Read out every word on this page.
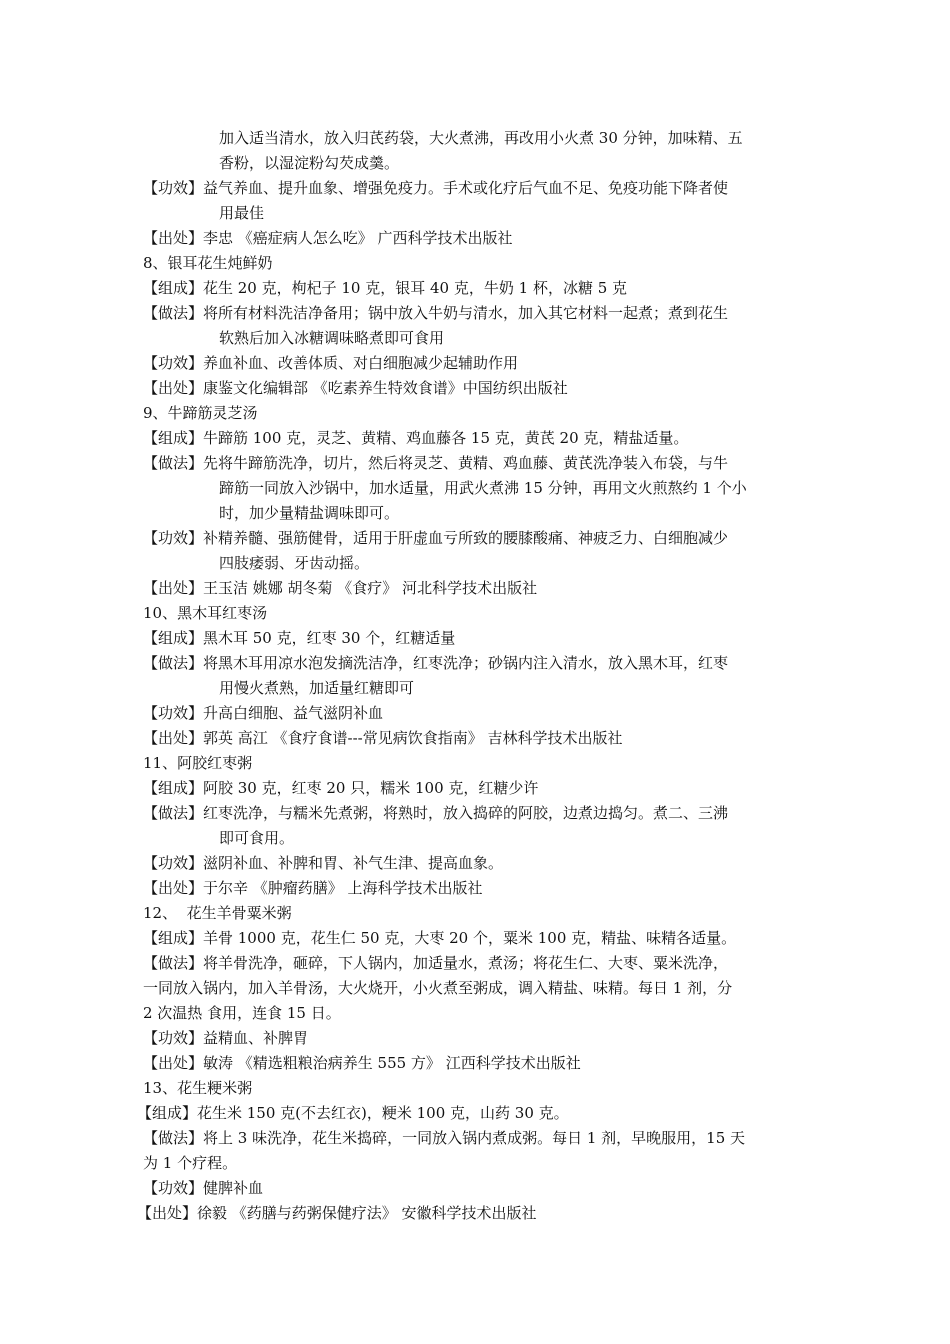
加入适当清水，放入归芪药袋，大火煮沸，再改用小火煮 30 分钟，加味精、五
香粉，以湿淀粉勾芡成羹。
【功效】益气养血、提升血象、增强免疫力。手术或化疗后气血不足、免疫功能下降者使
用最佳
【出处】李忠 《癌症病人怎么吃》 广西科学技术出版社
8、银耳花生炖鲜奶
【组成】花生 20 克，枸杞子 10 克，银耳 40 克，牛奶 1 杯，冰糖 5 克
【做法】将所有材料洗洁净备用；锅中放入牛奶与清水，加入其它材料一起煮；煮到花生
软熟后加入冰糖调味略煮即可食用
【功效】养血补血、改善体质、对白细胞减少起辅助作用
【出处】康鉴文化编辑部 《吃素养生特效食谱》中国纺织出版社
9、牛蹄筋灵芝汤
【组成】牛蹄筋 100 克，灵芝、黄精、鸡血藤各 15 克，黄芪 20 克，精盐适量。
【做法】先将牛蹄筋洗净，切片，然后将灵芝、黄精、鸡血藤、黄芪洗净装入布袋，与牛
蹄筋一同放入沙锅中，加水适量，用武火煮沸 15 分钟，再用文火煎熬约 1 个小
时，加少量精盐调味即可。
【功效】补精养髓、强筋健骨，适用于肝虚血亏所致的腰膝酸痛、神疲乏力、白细胞减少
四肢痿弱、牙齿动摇。
【出处】王玉洁 姚娜 胡冬菊 《食疗》 河北科学技术出版社
10、黑木耳红枣汤
【组成】黑木耳 50 克，红枣 30 个，红糖适量
【做法】将黑木耳用凉水泡发摘洗洁净，红枣洗净；砂锅内注入清水，放入黑木耳，红枣
用慢火煮熟，加适量红糖即可
【功效】升高白细胞、益气滋阴补血
【出处】郭英 高江 《食疗食谱---常见病饮食指南》 吉林科学技术出版社
11、阿胶红枣粥
【组成】阿胶 30 克，红枣 20 只，糯米 100 克，红糖少许
【做法】红枣洗净，与糯米先煮粥，将熟时，放入捣碎的阿胶，边煮边捣匀。煮二、三沸
即可食用。
【功效】滋阴补血、补脾和胃、补气生津、提高血象。
【出处】于尔辛 《肿瘤药膳》 上海科学技术出版社
12、  花生羊骨粟米粥
【组成】羊骨 1000 克，花生仁 50 克，大枣 20 个，粟米 100 克，精盐、味精各适量。
【做法】将羊骨洗净，砸碎，下人锅内，加适量水，煮汤；将花生仁、大枣、粟米洗净，
一同放入锅内，加入羊骨汤，大火烧开，小火煮至粥成，调入精盐、味精。每日 1 剂，分
2 次温热 食用，连食 15 日。
【功效】益精血、补脾胃
【出处】敏涛 《精选粗粮治病养生 555 方》 江西科学技术出版社
13、花生粳米粥
【组成】花生米 150 克(不去红衣)，粳米 100 克，山药 30 克。
【做法】将上 3 味洗净，花生米捣碎，一同放入锅内煮成粥。每日 1 剂，早晚服用，15 天
为 1 个疗程。
【功效】健脾补血
【出处】徐毅 《药膳与药粥保健疗法》 安徽科学技术出版社
